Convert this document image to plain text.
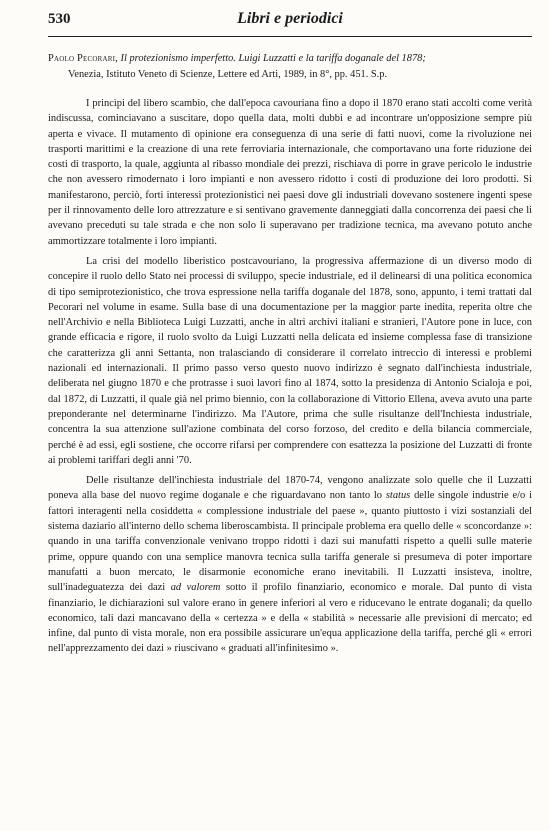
530	Libri e periodici
Paolo Pecorari, Il protezionismo imperfetto. Luigi Luzzatti e la tariffa doganale del 1878;
Venezia, Istituto Veneto di Scienze, Lettere ed Arti, 1989, in 8°, pp. 451. S.p.

I princìpi del libero scambio, che dall'epoca cavouriana fino a dopo il 1870 erano stati accolti come verità indiscussa, cominciavano a suscitare, dopo quella data, molti dubbi e ad incontrare un'opposizione sempre più aperta e vivace. Il mutamento di opinione era conseguenza di una serie di fatti nuovi, come la rivoluzione nei trasporti marittimi e la creazione di una rete ferroviaria internazionale, che comportavano una forte riduzione dei costi di trasporto, la quale, aggiunta al ribasso mondiale dei prezzi, rischiava di porre in grave pericolo le industrie che non avessero rimodernato i loro impianti e non avessero ridotto i costi di produzione dei loro prodotti. Si manifestarono, perciò, forti interessi protezionistici nei paesi dove gli industriali dovevano sostenere ingenti spese per il rinnovamento delle loro attrezzature e si sentivano gravemente danneggiati dalla concorrenza dei paesi che li avevano preceduti su tale strada e che non solo li superavano per tradizione tecnica, ma avevano potuto anche ammortizzare totalmente i loro impianti.

La crisi del modello liberistico postcavouriano, la progressiva affermazione di un diverso modo di concepire il ruolo dello Stato nei processi di sviluppo, specie industriale, ed il delinearsi di una politica economica di tipo semiprotezionistico, che trova espressione nella tariffa doganale del 1878, sono, appunto, i temi trattati dal Pecorari nel volume in esame. Sulla base di una documentazione per la maggior parte inedita, reperita oltre che nell'Archivio e nella Biblioteca Luigi Luzzatti, anche in altri archivi italiani e stranieri, l'Autore pone in luce, con grande efficacia e rigore, il ruolo svolto da Luigi Luzzatti nella delicata ed insieme complessa fase di transizione che caratterizza gli anni Settanta, non tralasciando di considerare il correlato intreccio di interessi e problemi nazionali ed internazionali. Il primo passo verso questo nuovo indirizzo è segnato dall'inchiesta industriale, deliberata nel giugno 1870 e che protrasse i suoi lavori fino al 1874, sotto la presidenza di Antonio Scialoja e poi, dal 1872, di Luzzatti, il quale già nel primo biennio, con la collaborazione di Vittorio Ellena, aveva avuto una parte preponderante nel determinarne l'indirizzo. Ma l'Autore, prima che sulle risultanze dell'Inchiesta industriale, concentra la sua attenzione sull'azione combinata del corso forzoso, del credito e della bilancia commerciale, perché è ad essi, egli sostiene, che occorre rifarsi per comprendere con esattezza la posizione del Luzzatti di fronte ai problemi tariffari degli anni '70.

Delle risultanze dell'inchiesta industriale del 1870-74, vengono analizzate solo quelle che il Luzzatti poneva alla base del nuovo regime doganale e che riguardavano non tanto lo status delle singole industrie e/o i fattori interagenti nella cosiddetta « complessione industriale del paese », quanto piuttosto i vizi sostanziali del sistema daziario all'interno dello schema liberoscambista. Il principale problema era quello delle « sconcordanze »: quando in una tariffa convenzionale venivano troppo ridotti i dazi sui manufatti rispetto a quelli sulle materie prime, oppure quando con una semplice manovra tecnica sulla tariffa generale si presumeva di poter importare manufatti a buon mercato, le disarmonie economiche erano inevitabili. Il Luzzatti insisteva, inoltre, sull'inadeguatezza dei dazi ad valorem sotto il profilo finanziario, economico e morale. Dal punto di vista finanziario, le dichiarazioni sul valore erano in genere inferiori al vero e riducevano le entrate doganali; da quello economico, tali dazi mancavano della « certezza » e della « stabilità » necessarie alle previsioni di mercato; ed infine, dal punto di vista morale, non era possibile assicurare un'equa applicazione della tariffa, perché gli « errori nell'apprezzamento dei dazi » riuscivano « graduati all'infinitesimo ».
